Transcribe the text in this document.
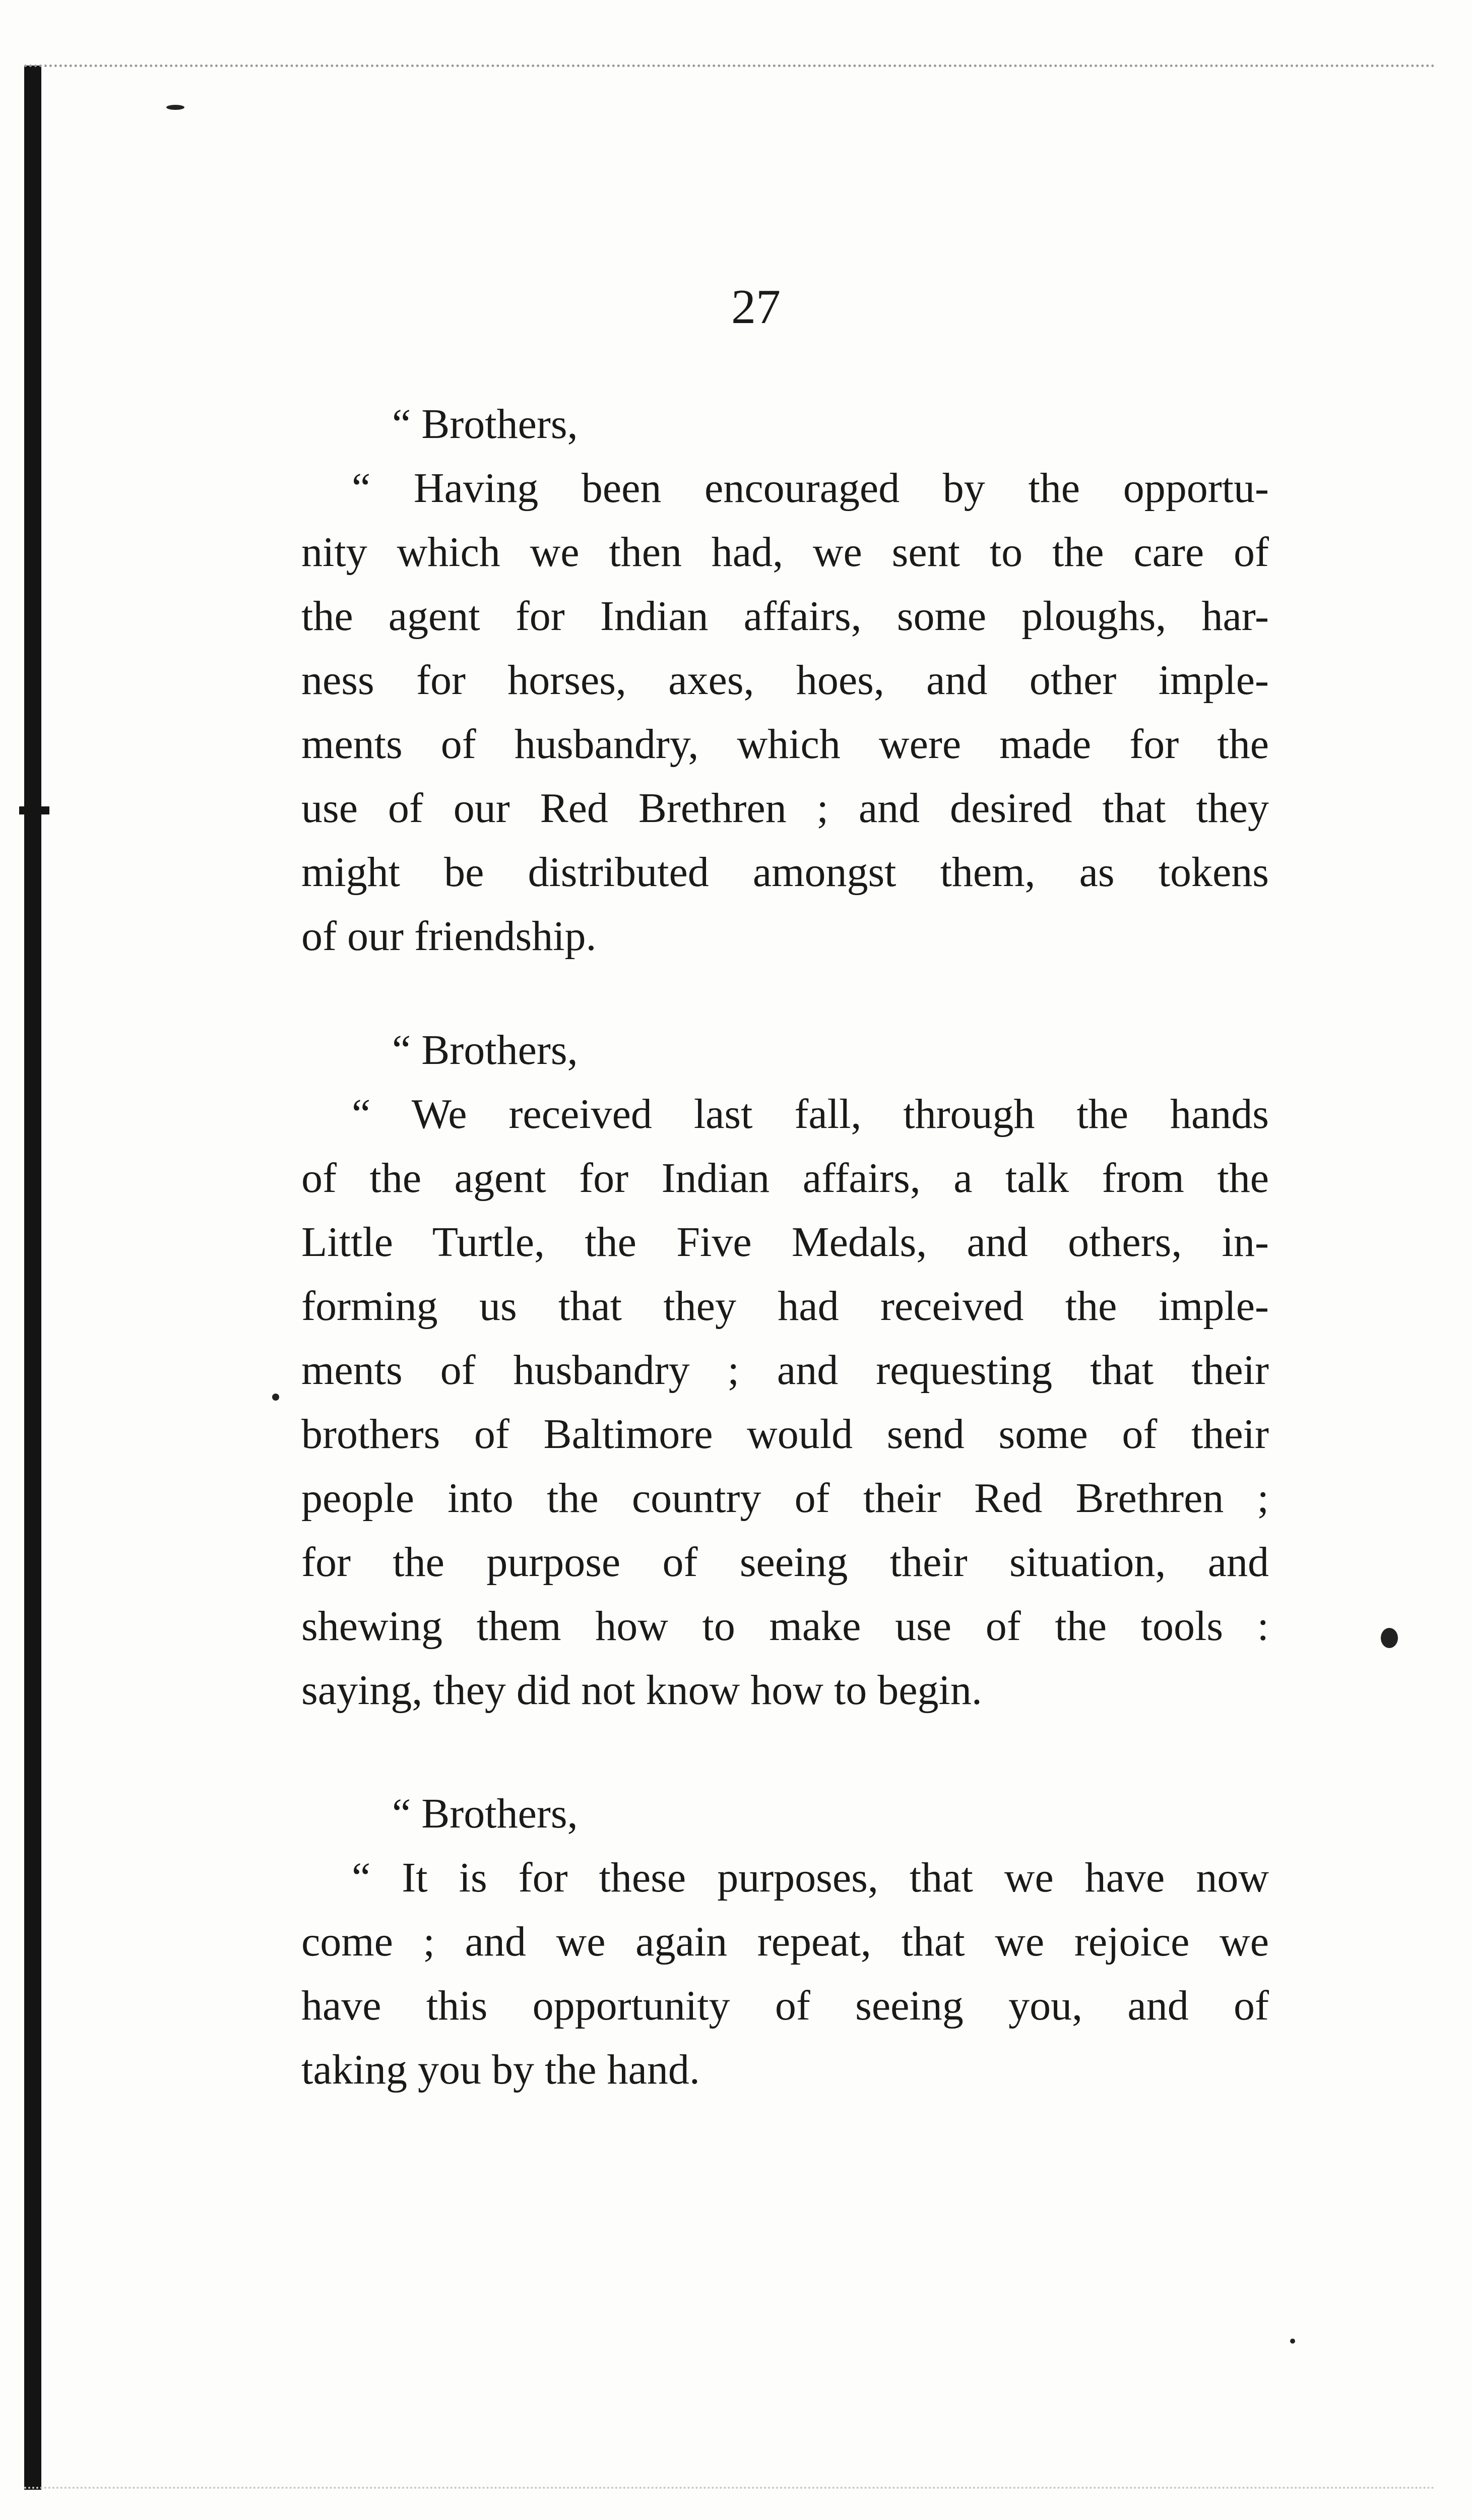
27
“ Brothers,
“ Having been encouraged by the opportu-
nity which we then had, we sent to the care of
the agent for Indian affairs, some ploughs, har-
ness for horses, axes, hoes, and other imple-
ments of husbandry, which were made for the
use of our Red Brethren ; and desired that they
might be distributed amongst them, as tokens
of our friendship.
“ Brothers,
“ We received last fall, through the hands
of the agent for Indian affairs, a talk from the
Little Turtle, the Five Medals, and others, in-
forming us that they had received the imple-
ments of husbandry ; and requesting that their
brothers of Baltimore would send some of their
people into the country of their Red Brethren ;
for the purpose of seeing their situation, and
shewing them how to make use of the tools :
saying, they did not know how to begin.
“ Brothers,
“ It is for these purposes, that we have now
come ; and we again repeat, that we rejoice we
have this opportunity of seeing you, and of
taking you by the hand.
